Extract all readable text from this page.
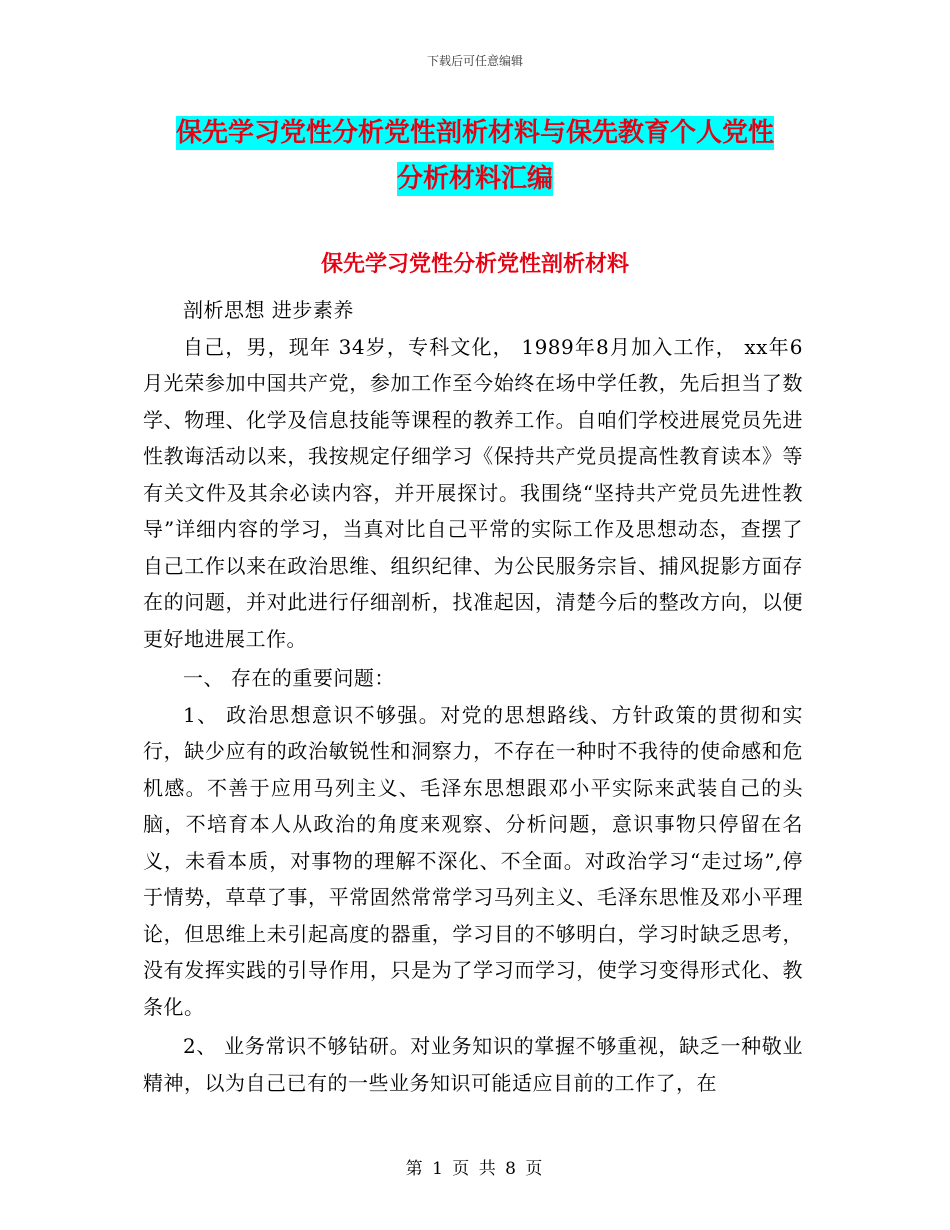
下载后可任意编辑
保先学习党性分析党性剖析材料与保先教育个人党性
分析材料汇编
保先学习党性分析党性剖析材料

剖析思想 进步素养

自己，男，现年 34岁，专科文化， 1989年8月加入工作， xx年6月光荣参加中国共产党，参加工作至今始终在场中学任教，先后担当了数学、物理、化学及信息技能等课程的教养工作。自咱们学校进展党员先进性教诲活动以来，我按规定仔细学习《保持共产党员提高性教育读本》等有关文件及其余必读内容，并开展探讨。我围绕“坚持共产党员先进性教导”详细内容的学习，当真对比自己平常的实际工作及思想动态，查摆了自己工作以来在政治思维、组织纪律、为公民服务宗旨、捕风捉影方面存在的问题，并对此进行仔细剖析，找准起因，清楚今后的整改方向，以便更好地进展工作。

一、 存在的重要问题：

1、 政治思想意识不够强。对党的思想路线、方针政策的贯彻和实行，缺少应有的政治敏锐性和洞察力，不存在一种时不我待的使命感和危机感。不善于应用马列主义、毛泽东思想跟邓小平实际来武装自己的头脑，不培育本人从政治的角度来观察、分析问题，意识事物只停留在名义，未看本质，对事物的理解不深化、不全面。对政治学习“走过场”,停于情势，草草了事，平常固然常常学习马列主义、毛泽东思惟及邓小平理论，但思维上未引起高度的器重，学习目的不够明白，学习时缺乏思考，没有发挥实践的引导作用，只是为了学习而学习，使学习变得形式化、教条化。

2、 业务常识不够钻研。对业务知识的掌握不够重视，缺乏一种敬业精神，以为自己已有的一些业务知识可能适应目前的工作了，在

第 1 页 共 8 页
